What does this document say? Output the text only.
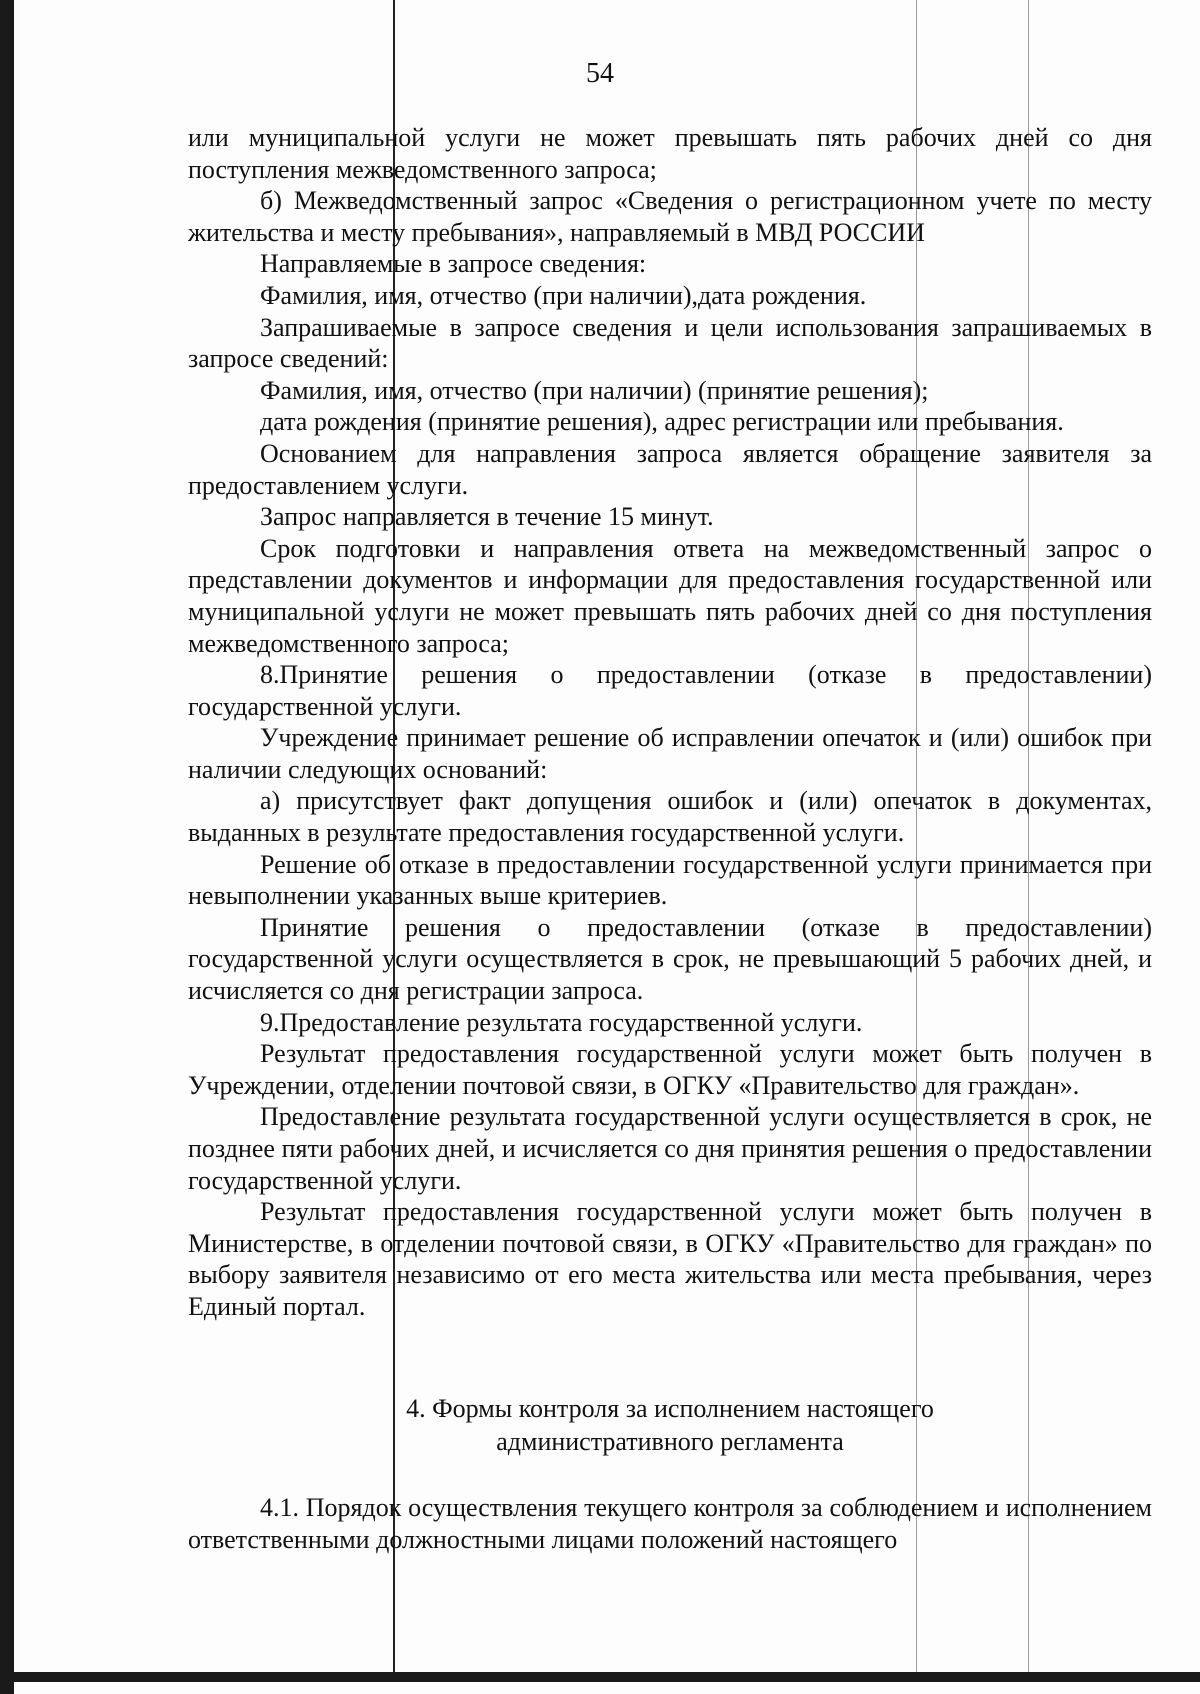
54

или муниципальной услуги не может превышать пять рабочих дней со дня поступления межведомственного запроса;

б) Межведомственный запрос «Сведения о регистрационном учете по месту жительства и месту пребывания», направляемый в МВД РОССИИ

Направляемые в запросе сведения:

Фамилия, имя, отчество (при наличии),дата рождения.

Запрашиваемые в запросе сведения и цели использования запрашиваемых в запросе сведений:

Фамилия, имя, отчество (при наличии) (принятие решения);

дата рождения (принятие решения), адрес регистрации или пребывания.

Основанием для направления запроса является обращение заявителя за предоставлением услуги.

Запрос направляется в течение 15 минут.

Срок подготовки и направления ответа на межведомственный запрос о представлении документов и информации для предоставления государственной или муниципальной услуги не может превышать пять рабочих дней со дня поступления межведомственного запроса;

8.Принятие решения о предоставлении (отказе в предоставлении) государственной услуги.

Учреждение принимает решение об исправлении опечаток и (или) ошибок при наличии следующих оснований:

а) присутствует факт допущения ошибок и (или) опечаток в документах, выданных в результате предоставления государственной услуги.

Решение об отказе в предоставлении государственной услуги принимается при невыполнении указанных выше критериев.

Принятие решения о предоставлении (отказе в предоставлении) государственной услуги осуществляется в срок, не превышающий 5 рабочих дней, и исчисляется со дня регистрации запроса.

9.Предоставление результата государственной услуги.

Результат предоставления государственной услуги может быть получен в Учреждении, отделении почтовой связи, в ОГКУ «Правительство для граждан».

Предоставление результата государственной услуги осуществляется в срок, не позднее пяти рабочих дней, и исчисляется со дня принятия решения о предоставлении государственной услуги.

Результат предоставления государственной услуги может быть получен в Министерстве, в отделении почтовой связи, в ОГКУ «Правительство для граждан» по выбору заявителя независимо от его места жительства или места пребывания, через Единый портал.

4. Формы контроля за исполнением настоящего
административного регламента

4.1. Порядок осуществления текущего контроля за соблюдением и исполнением ответственными должностными лицами положений настоящего
